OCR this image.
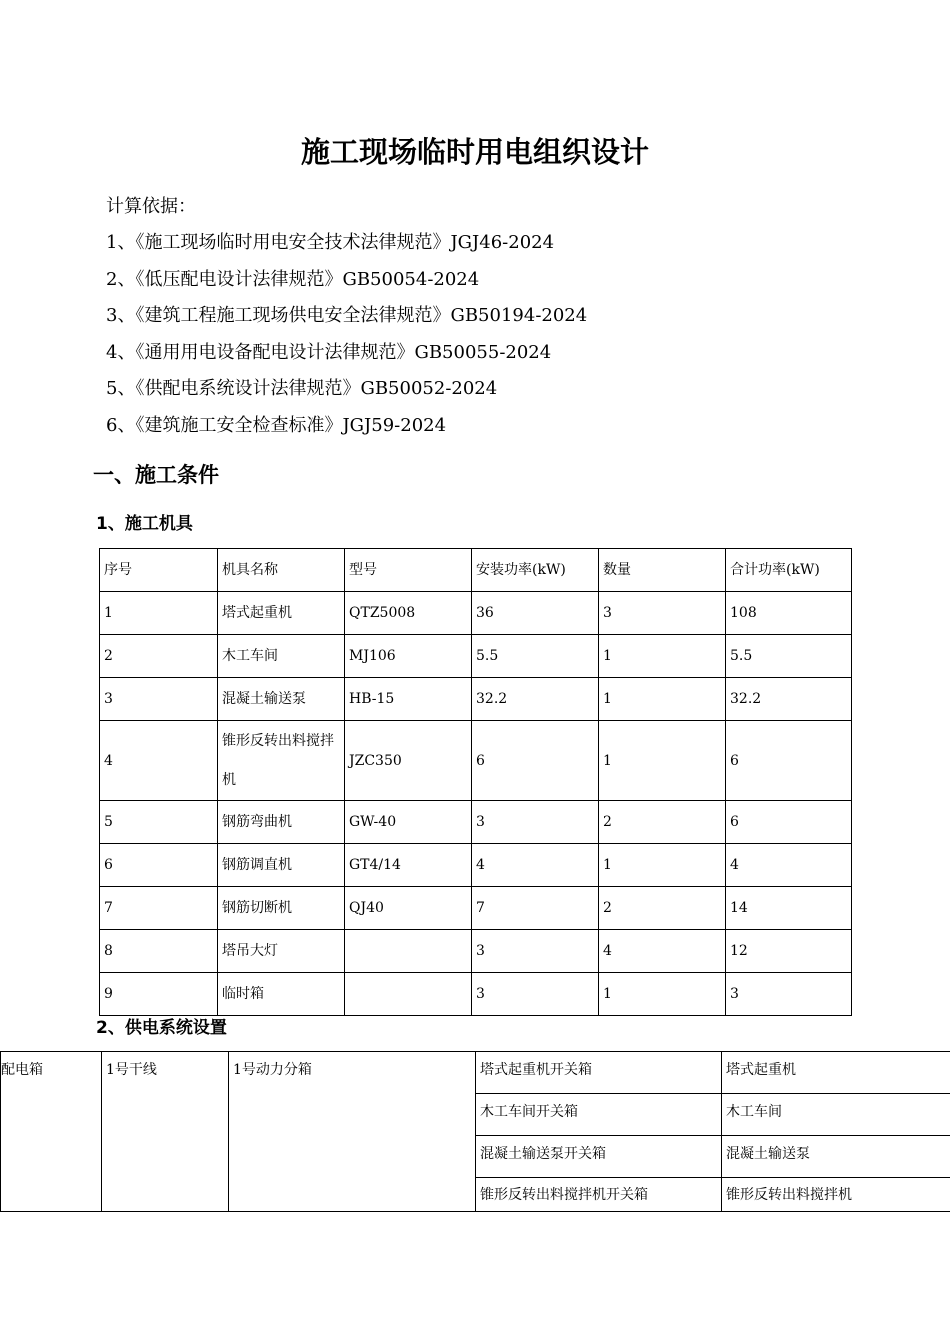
施工现场临时用电组织设计
计算依据：
1、《施工现场临时用电安全技术法律规范》JGJ46-2024
2、《低压配电设计法律规范》GB50054-2024
3、《建筑工程施工现场供电安全法律规范》GB50194-2024
4、《通用用电设备配电设计法律规范》GB50055-2024
5、《供配电系统设计法律规范》GB50052-2024
6、《建筑施工安全检查标准》JGJ59-2024
一、施工条件
1、施工机具
序号	机具名称	型号	安装功率(kW)	数量	合计功率(kW)
1	塔式起重机	QTZ5008	36	3	108
2	木工车间	MJ106	5.5	1	5.5
3	混凝土输送泵	HB-15	32.2	1	32.2
4	锥形反转出料搅拌机	JZC350	6	1	6
5	钢筋弯曲机	GW-40	3	2	6
6	钢筋调直机	GT4/14	4	1	4
7	钢筋切断机	QJ40	7	2	14
8	塔吊大灯		3	4	12
9	临时箱		3	1	3
2、供电系统设置
配电箱	1号干线	1号动力分箱	塔式起重机开关箱	塔式起重机
			木工车间开关箱	木工车间
			混凝土输送泵开关箱	混凝土输送泵
			锥形反转出料搅拌机开关箱	锥形反转出料搅拌机
